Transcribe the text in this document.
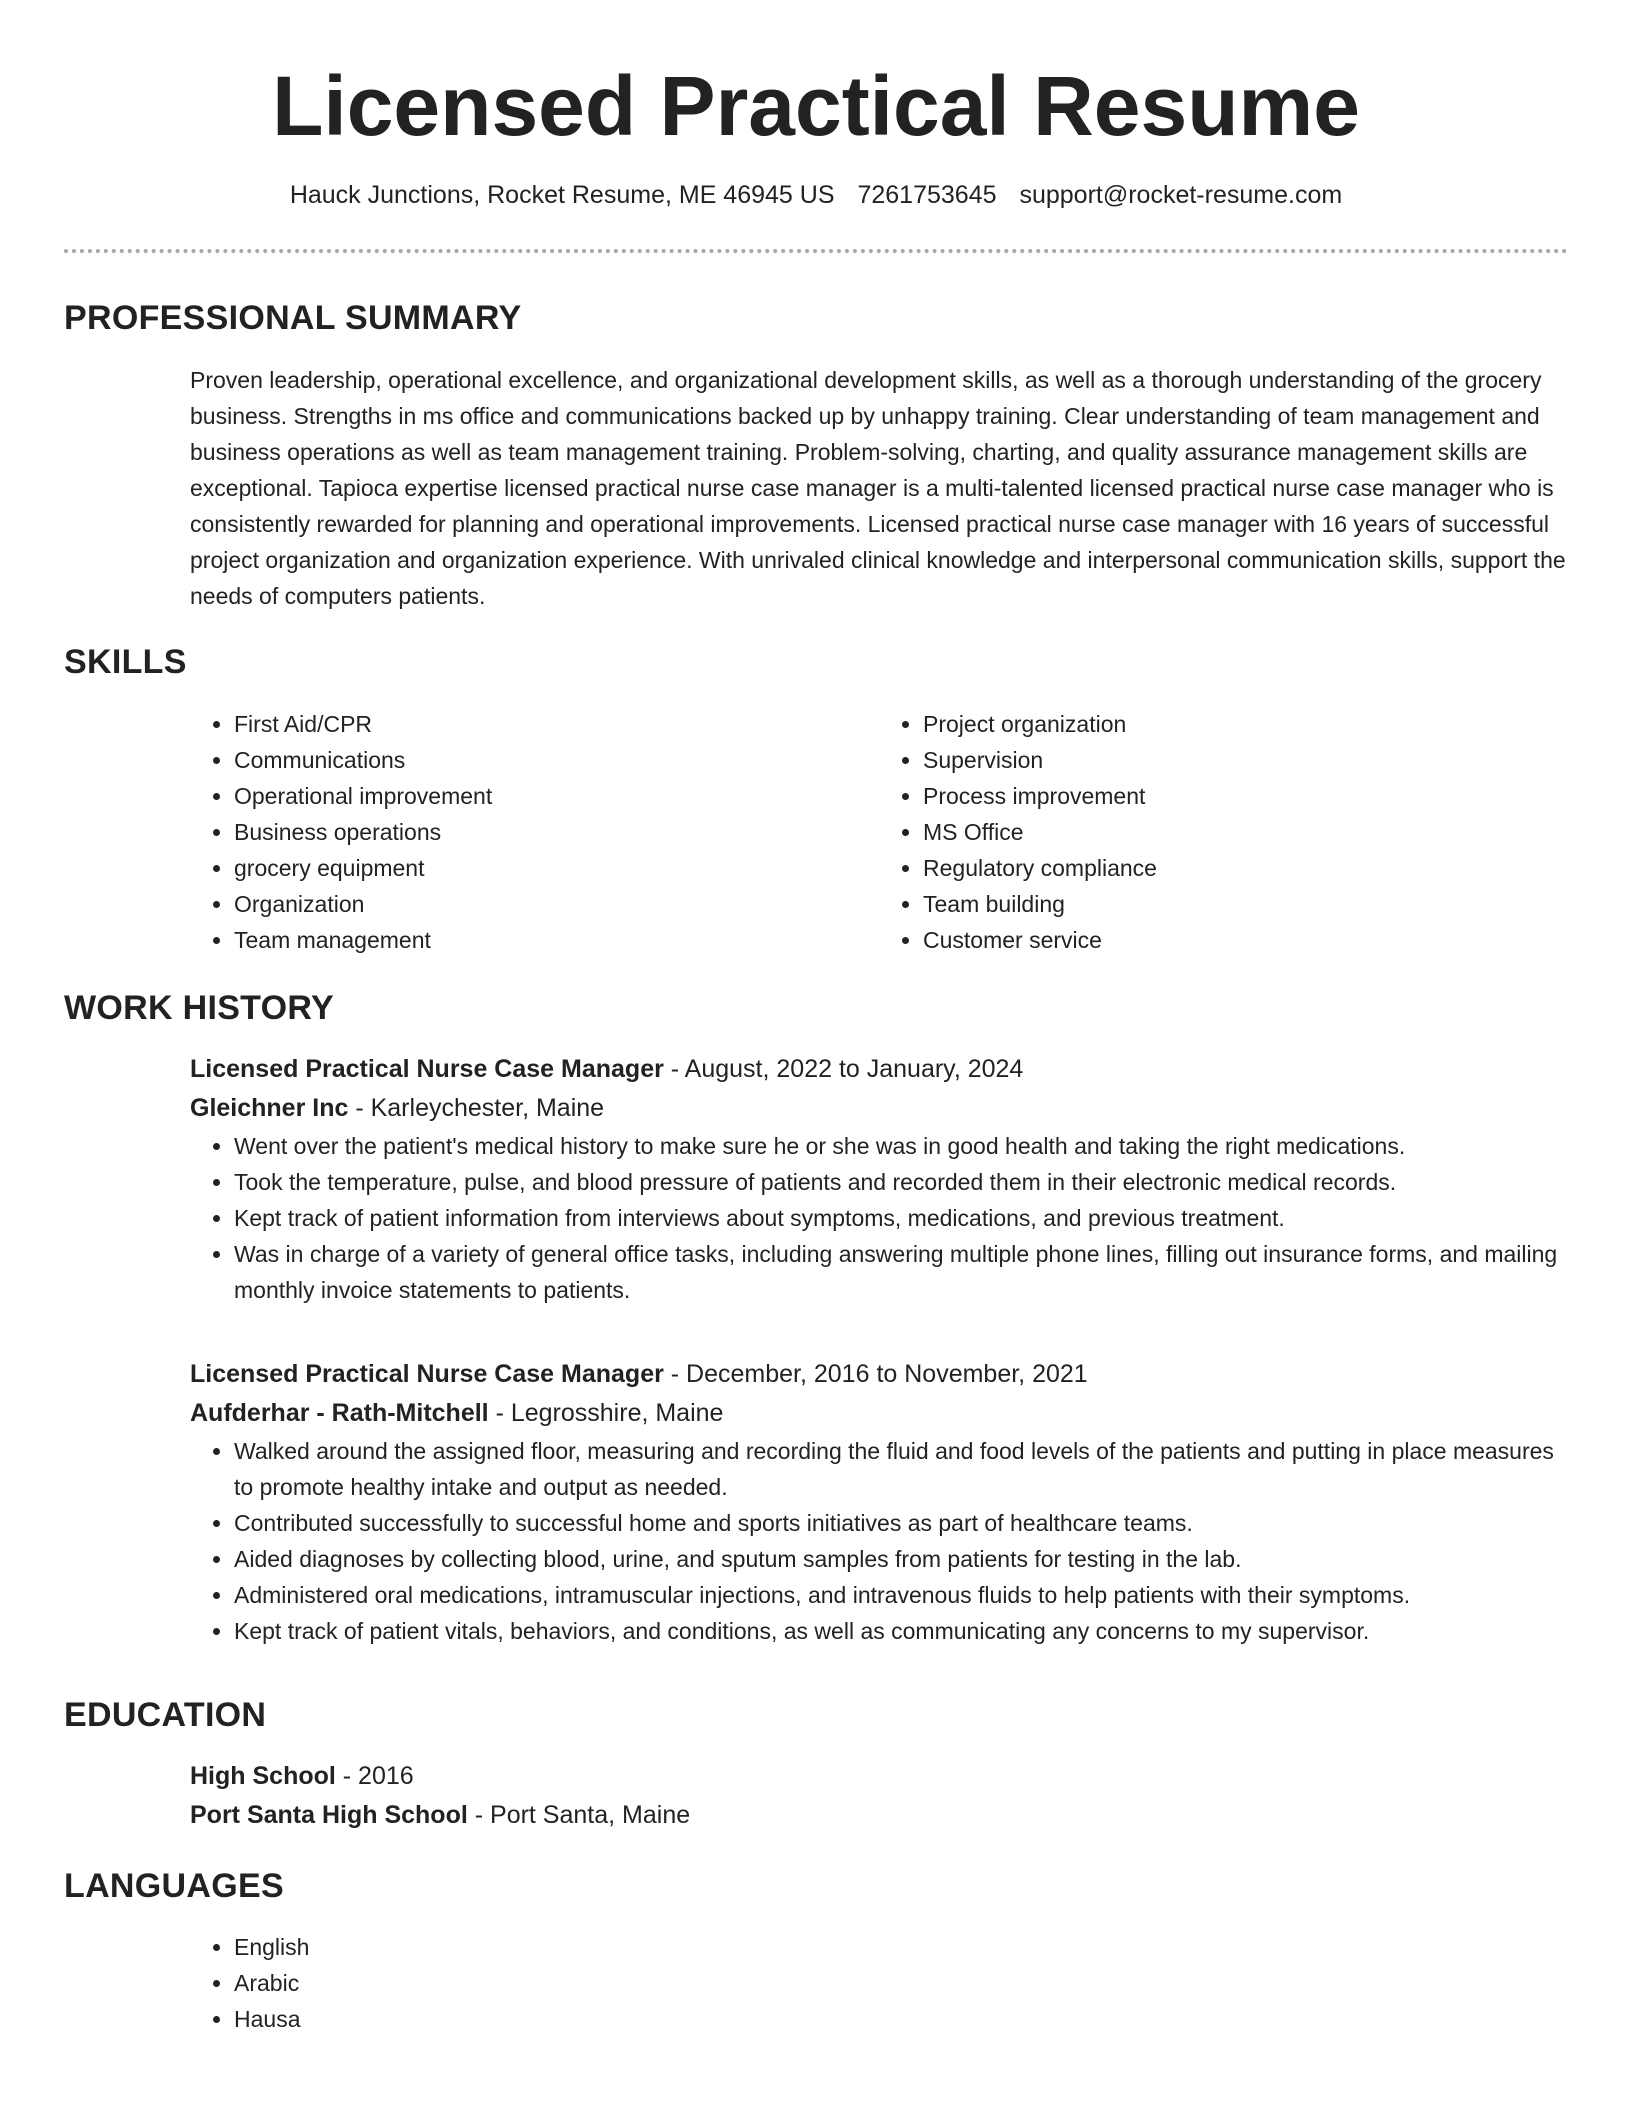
Licensed Practical Resume

Hauck Junctions, Rocket Resume, ME 46945 US 7261753645 support@rocket-resume.com

PROFESSIONAL SUMMARY

Proven leadership, operational excellence, and organizational development skills, as well as a thorough understanding of the grocery business. Strengths in ms office and communications backed up by unhappy training. Clear understanding of team management and business operations as well as team management training. Problem-solving, charting, and quality assurance management skills are exceptional. Tapioca expertise licensed practical nurse case manager is a multi-talented licensed practical nurse case manager who is consistently rewarded for planning and operational improvements. Licensed practical nurse case manager with 16 years of successful project organization and organization experience. With unrivaled clinical knowledge and interpersonal communication skills, support the needs of computers patients.

SKILLS
• First Aid/CPR
• Communications
• Operational improvement
• Business operations
• grocery equipment
• Organization
• Team management
• Project organization
• Supervision
• Process improvement
• MS Office
• Regulatory compliance
• Team building
• Customer service
WORK HISTORY

Licensed Practical Nurse Case Manager - August, 2022 to January, 2024

Gleichner Inc - Karleychester, Maine

• Went over the patient's medical history to make sure he or she was in good health and taking the right medications.
• Took the temperature, pulse, and blood pressure of patients and recorded them in their electronic medical records.
• Kept track of patient information from interviews about symptoms, medications, and previous treatment.
• Was in charge of a variety of general office tasks, including answering multiple phone lines, filling out insurance forms, and mailing monthly invoice statements to patients.

Licensed Practical Nurse Case Manager - December, 2016 to November, 2021

Aufderhar - Rath-Mitchell - Legrosshire, Maine

• Walked around the assigned floor, measuring and recording the fluid and food levels of the patients and putting in place measures to promote healthy intake and output as needed.
• Contributed successfully to successful home and sports initiatives as part of healthcare teams.
• Aided diagnoses by collecting blood, urine, and sputum samples from patients for testing in the lab.
• Administered oral medications, intramuscular injections, and intravenous fluids to help patients with their symptoms.
• Kept track of patient vitals, behaviors, and conditions, as well as communicating any concerns to my supervisor.
EDUCATION

High School - 2016

Port Santa High School - Port Santa, Maine

LANGUAGES
• English
• Arabic
• Hausa
